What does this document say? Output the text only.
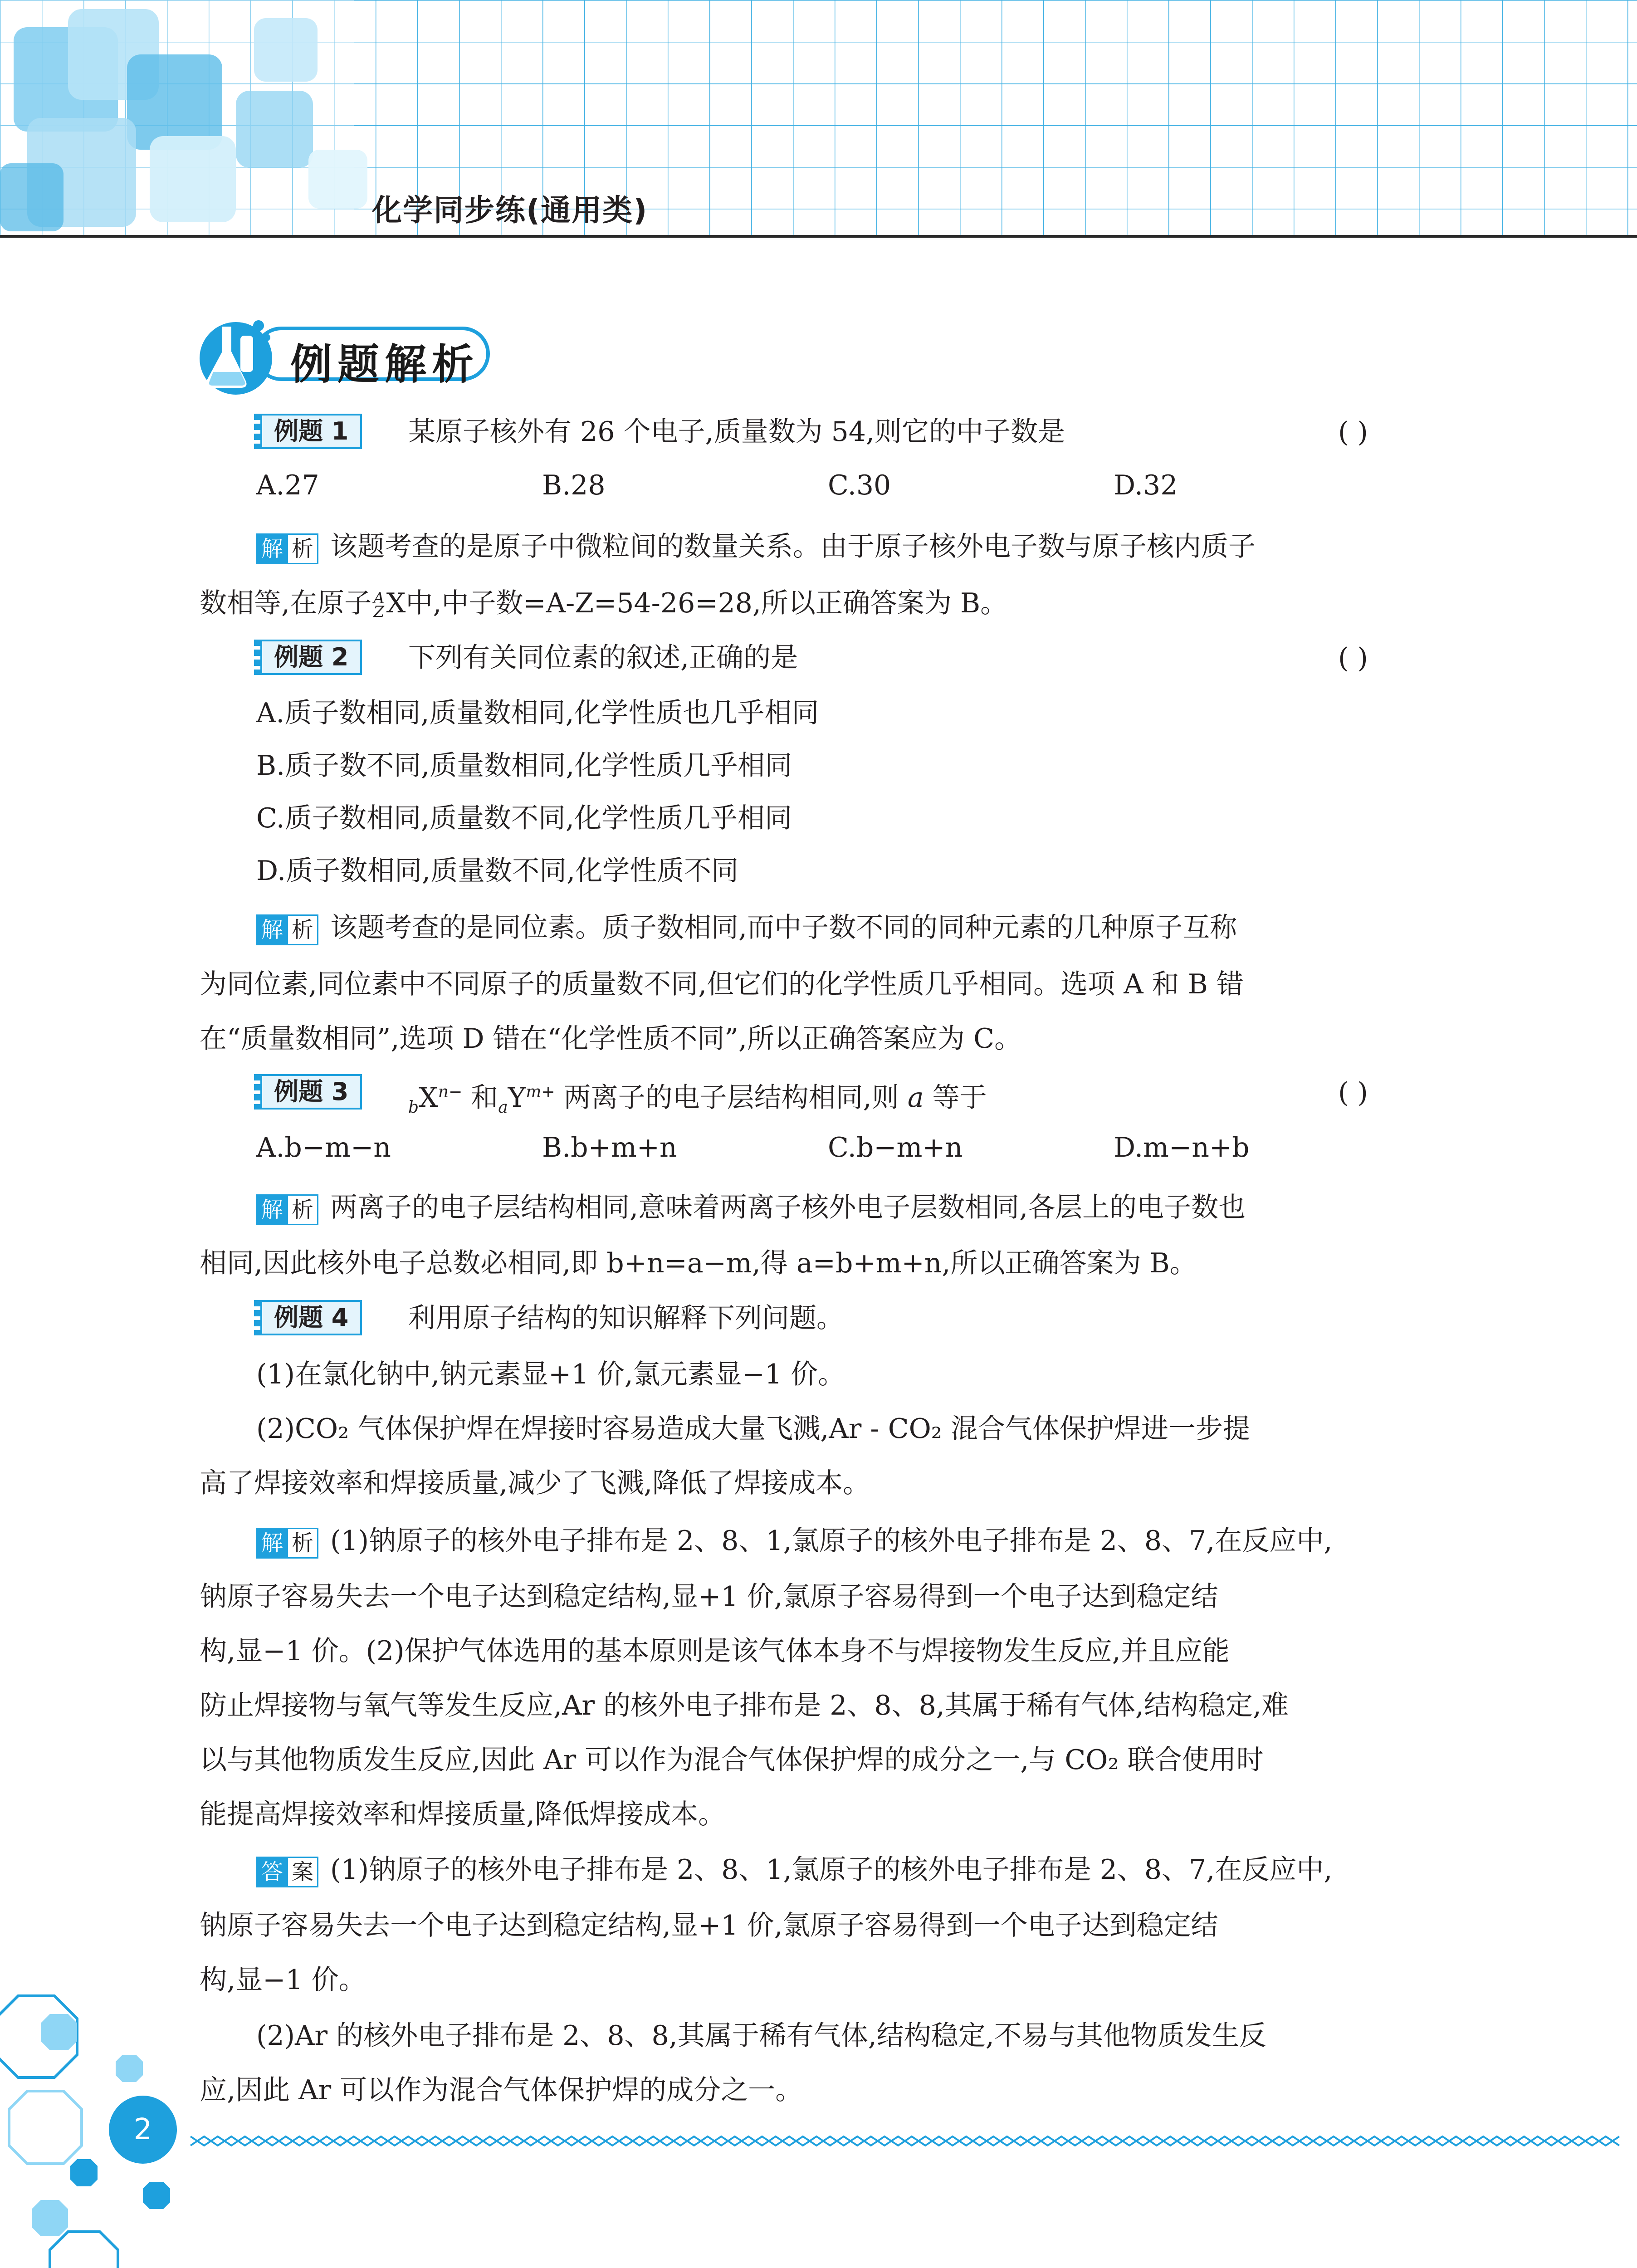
化学同步练(通用类)
例题解析
例题 1	某原子核外有 26 个电子,质量数为 54,则它的中子数是	( )
A.27	B.28	C.30	D.32
解 析 该题考查的是原子中微粒间的数量关系。由于原子核外电子数与原子核内质子
数相等,在原子 A
ZX中,中子数=A-Z=54-26=28,所以正确答案为 B。
例题 2	下列有关同位素的叙述,正确的是	( )
A.质子数相同,质量数相同,化学性质也几乎相同
B.质子数不同,质量数相同,化学性质几乎相同
C.质子数相同,质量数不同,化学性质几乎相同
D.质子数相同,质量数不同,化学性质不同
解 析 该题考查的是同位素。质子数相同,而中子数不同的同种元素的几种原子互称
为同位素,同位素中不同原子的质量数不同,但它们的化学性质几乎相同。选项 A 和 B 错
在“质量数相同”,选项 D 错在“化学性质不同”,所以正确答案应为 C。
例题 3
$_bX^{n-}$ 和$_aY^{m+}$ 两离子的电子层结构相同,则 a 等于	( )
A.b−m−n	B.b+m+n	C.b−m+n	D.m−n+b
解 析 两离子的电子层结构相同,意味着两离子核外电子层数相同,各层上的电子数也
相同,因此核外电子总数必相同,即 b+n=a−m,得 a=b+m+n,所以正确答案为 B。
例题 4	利用原子结构的知识解释下列问题。
(1)在氯化钠中,钠元素显+1 价,氯元素显−1 价。
(2)CO₂ 气体保护焊在焊接时容易造成大量飞溅,Ar - CO₂ 混合气体保护焊进一步提
高了焊接效率和焊接质量,减少了飞溅,降低了焊接成本。
解 析 (1)钠原子的核外电子排布是 2、8、1,氯原子的核外电子排布是 2、8、7,在反应中,
钠原子容易失去一个电子达到稳定结构,显+1 价,氯原子容易得到一个电子达到稳定结
构,显−1 价。(2)保护气体选用的基本原则是该气体本身不与焊接物发生反应,并且应能
防止焊接物与氧气等发生反应,Ar 的核外电子排布是 2、8、8,其属于稀有气体,结构稳定,难
以与其他物质发生反应,因此 Ar 可以作为混合气体保护焊的成分之一,与 CO₂ 联合使用时
能提高焊接效率和焊接质量,降低焊接成本。
答 案 (1)钠原子的核外电子排布是 2、8、1,氯原子的核外电子排布是 2、8、7,在反应中,
钠原子容易失去一个电子达到稳定结构,显+1 价,氯原子容易得到一个电子达到稳定结
构,显−1 价。
(2)Ar 的核外电子排布是 2、8、8,其属于稀有气体,结构稳定,不易与其他物质发生反
应,因此 Ar 可以作为混合气体保护焊的成分之一。
2
